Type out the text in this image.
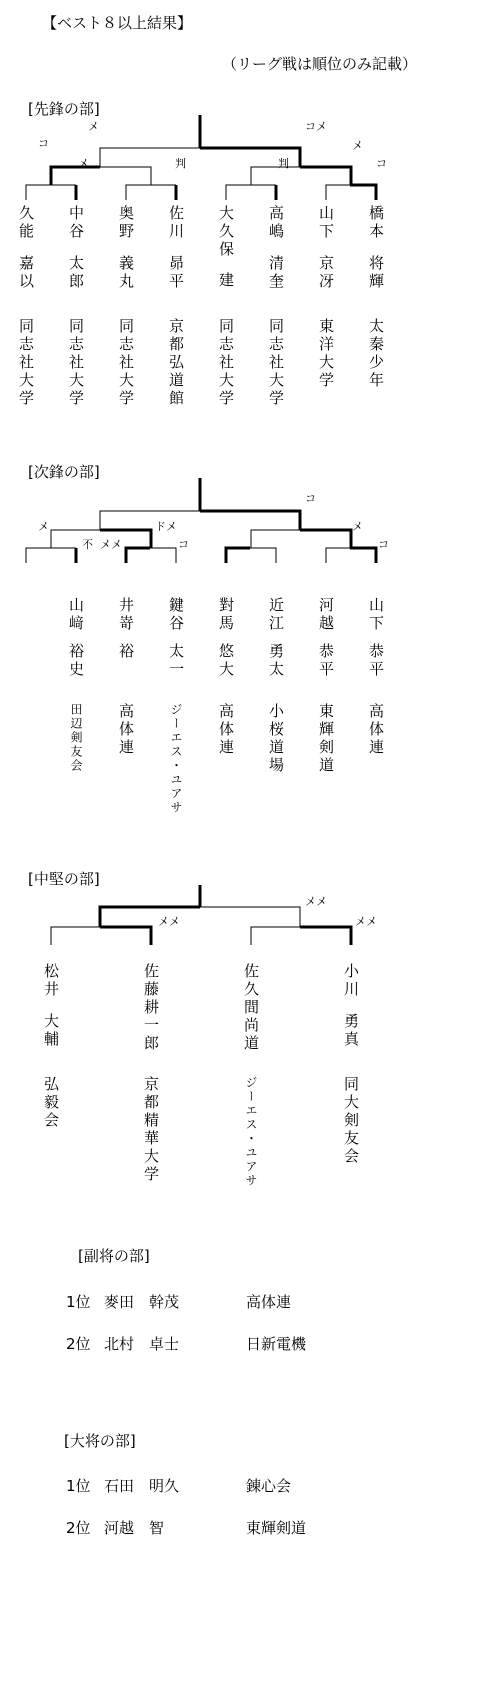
【ベスト８以上結果】
（リーグ戦は順位のみ記載）
[先鋒の部]
メ
コ
メ	判
コメ
判
メ
コ
久能
嘉以
同志社大学
中谷
太郎
同志社大学
奥野
義丸
同志社大学
佐川
昴平
京都弘道館
大久保
建
同志社大学
高嶋
清奎
同志社大学
山下
京冴
東洋大学
橋本
将輝
太秦少年
[次鋒の部]
メ
不 メメ
ドメ
コ
コ
メ
コ
山﨑
裕史
田辺剣友会
井嵜
裕
高体連
鍵谷
太一
ジーエス・ユアサ
對馬
悠大
高体連
近江
勇太
小桜道場
河越
恭平
東輝剣道
山下
恭平
高体連
[中堅の部]
メメ
メメ
メメ
松井
大輔
弘毅会
佐藤耕一郎
京都精華大学
佐久間尚道
ジーエス・ユアサ
小川
勇真
同大剣友会
[副将の部]
1位 麥田　幹茂	高体連
2位 北村　卓士	日新電機
[大将の部]
1位 石田　明久	錬心会
2位 河越　智	東輝剣道
